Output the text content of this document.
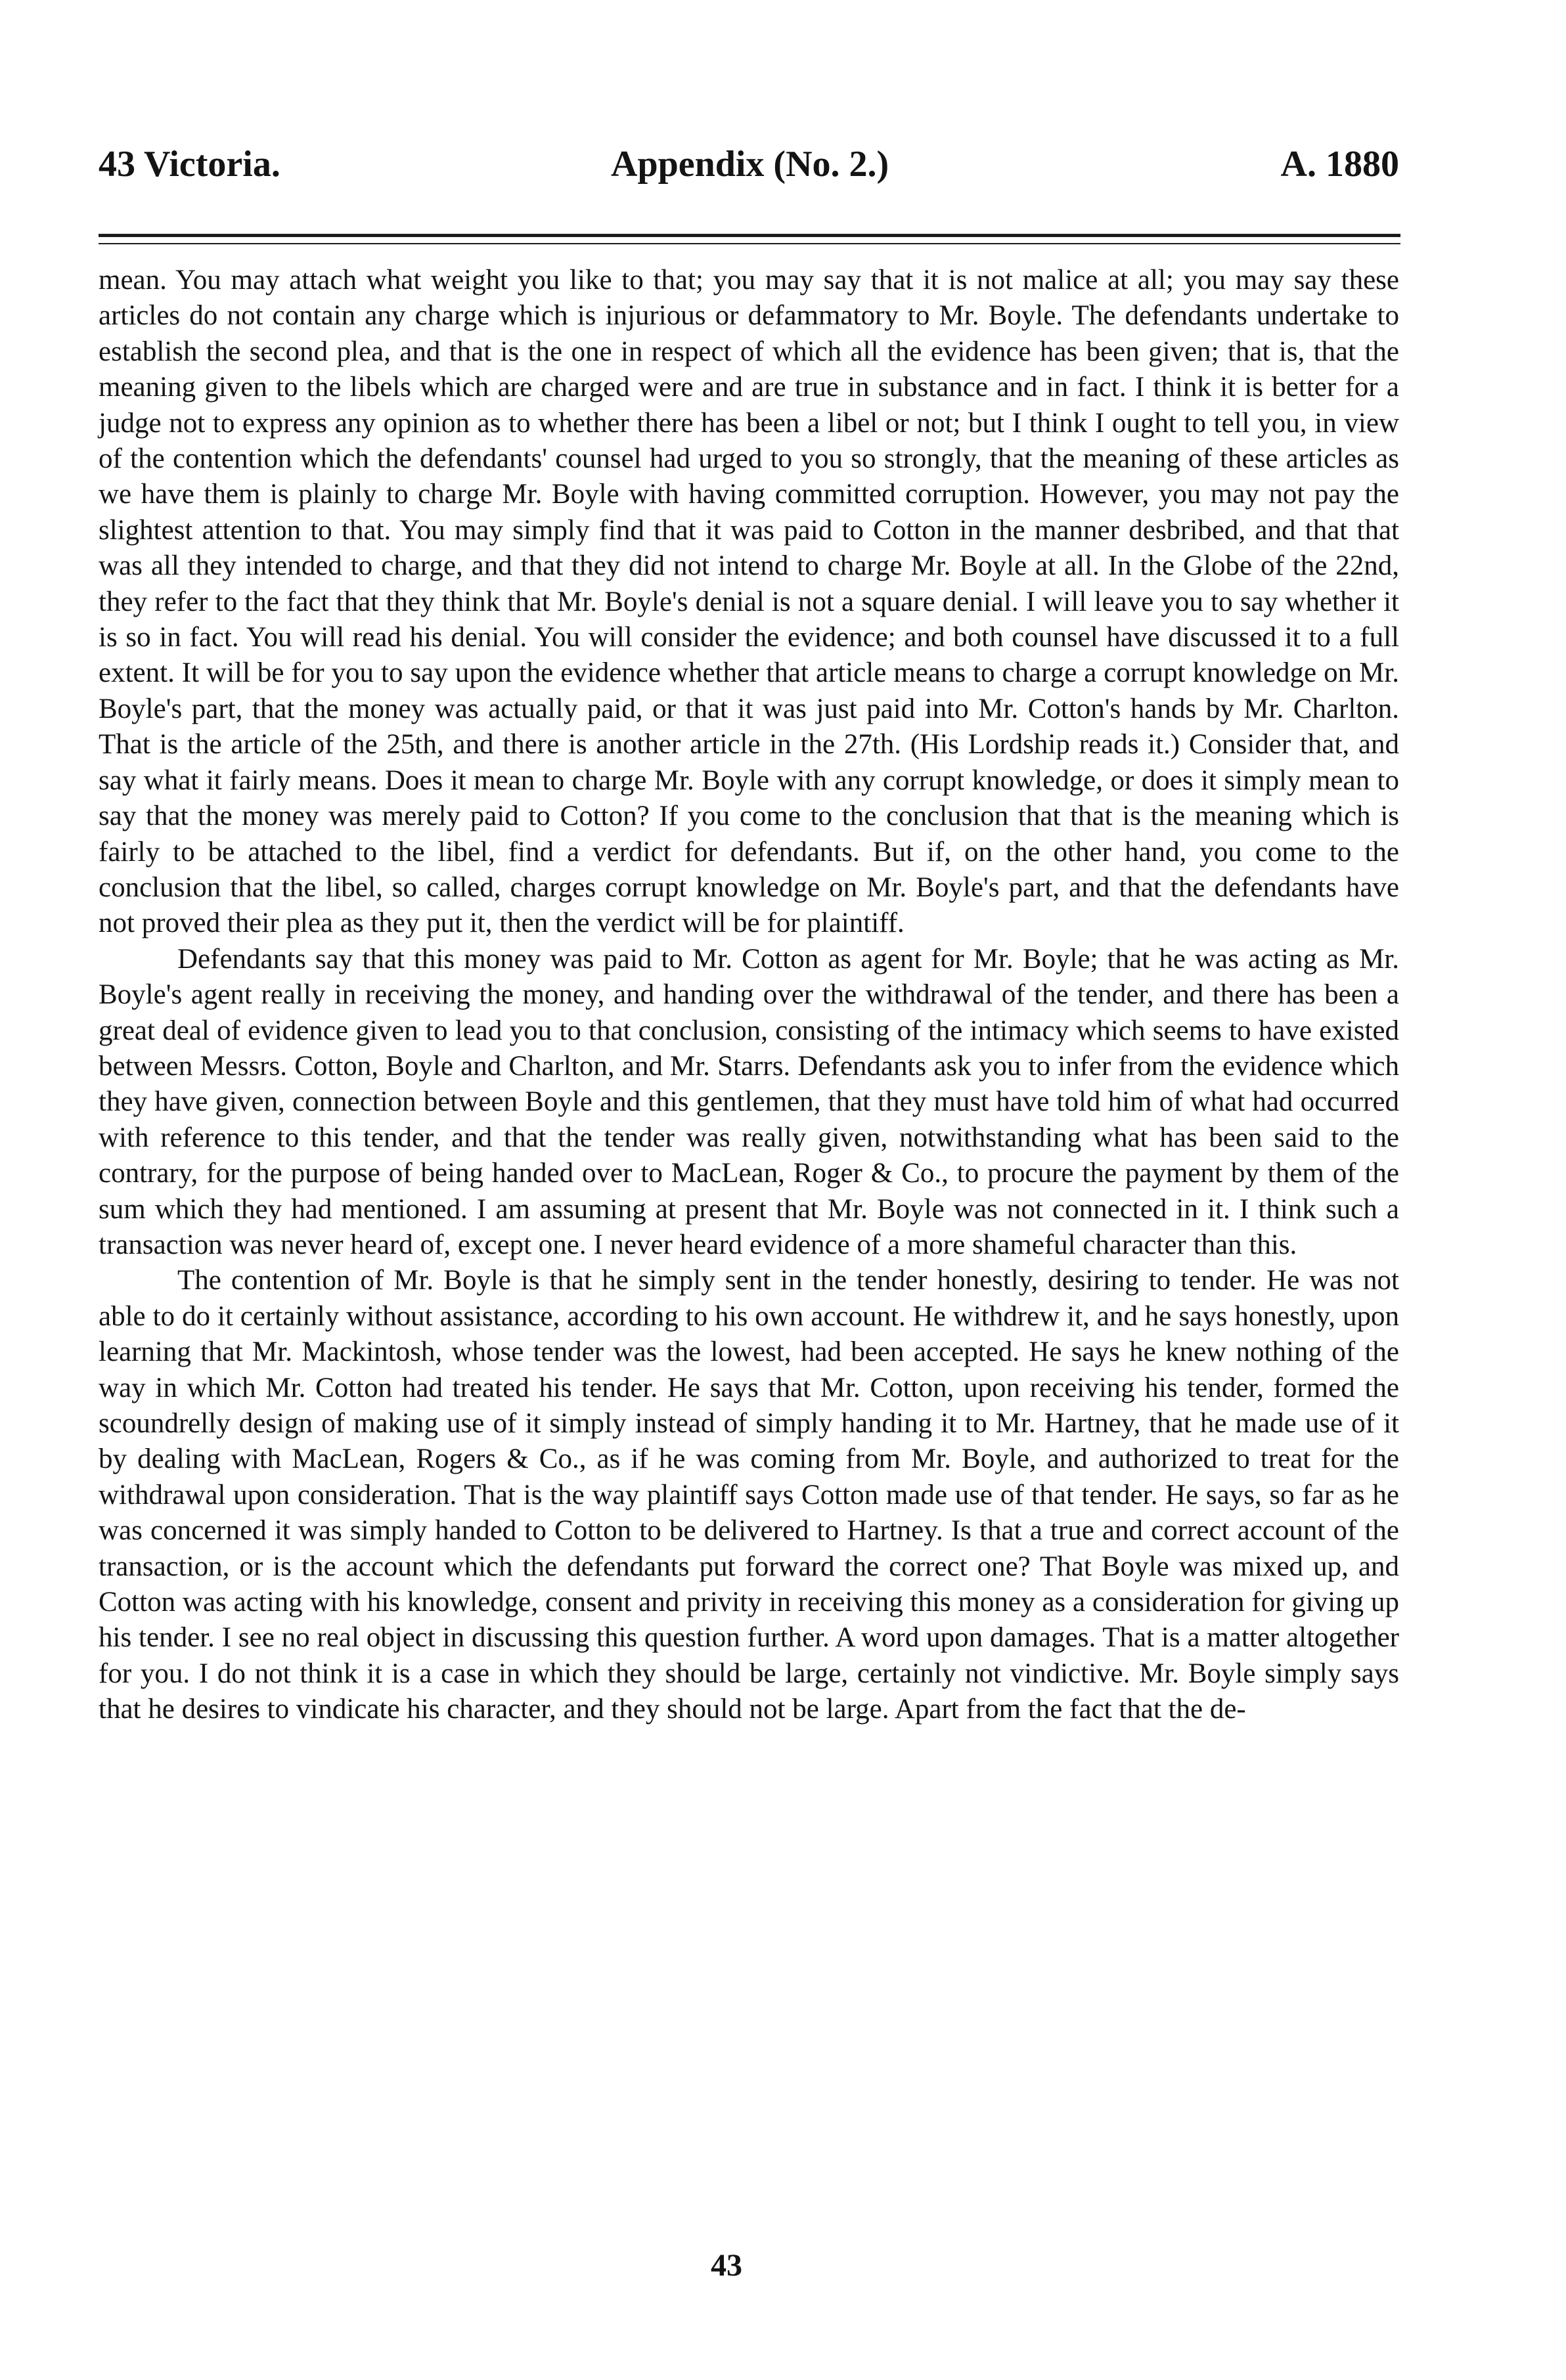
43 Victoria.	Appendix (No. 2.)	A. 1880

mean. You may attach what weight you like to that; you may say that it is not malice at all; you may say these articles do not contain any charge which is injurious or defammatory to Mr. Boyle. The defendants undertake to establish the second plea, and that is the one in respect of which all the evidence has been given; that is, that the meaning given to the libels which are charged were and are true in substance and in fact. I think it is better for a judge not to express any opinion as to whether there has been a libel or not; but I think I ought to tell you, in view of the contention which the defendants' counsel had urged to you so strongly, that the meaning of these articles as we have them is plainly to charge Mr. Boyle with having committed corruption. However, you may not pay the slightest attention to that. You may simply find that it was paid to Cotton in the manner desbribed, and that that was all they intended to charge, and that they did not intend to charge Mr. Boyle at all. In the Globe of the 22nd, they refer to the fact that they think that Mr. Boyle's denial is not a square denial. I will leave you to say whether it is so in fact. You will read his denial. You will consider the evidence; and both counsel have discussed it to a full extent. It will be for you to say upon the evidence whether that article means to charge a corrupt knowledge on Mr. Boyle's part, that the money was actually paid, or that it was just paid into Mr. Cotton's hands by Mr. Charlton. That is the article of the 25th, and there is another article in the 27th. (His Lordship reads it.) Consider that, and say what it fairly means. Does it mean to charge Mr. Boyle with any corrupt knowledge, or does it simply mean to say that the money was merely paid to Cotton? If you come to the conclusion that that is the meaning which is fairly to be attached to the libel, find a verdict for defendants. But if, on the other hand, you come to the conclusion that the libel, so called, charges corrupt knowledge on Mr. Boyle's part, and that the defendants have not proved their plea as they put it, then the verdict will be for plaintiff.

Defendants say that this money was paid to Mr. Cotton as agent for Mr. Boyle; that he was acting as Mr. Boyle's agent really in receiving the money, and handing over the withdrawal of the tender, and there has been a great deal of evidence given to lead you to that conclusion, consisting of the intimacy which seems to have existed between Messrs. Cotton, Boyle and Charlton, and Mr. Starrs. Defendants ask you to infer from the evidence which they have given, connection between Boyle and this gentlemen, that they must have told him of what had occurred with reference to this tender, and that the tender was really given, notwithstanding what has been said to the contrary, for the purpose of being handed over to MacLean, Roger & Co., to procure the payment by them of the sum which they had mentioned. I am assuming at present that Mr. Boyle was not connected in it. I think such a transaction was never heard of, except one. I never heard evidence of a more shameful character than this.

The contention of Mr. Boyle is that he simply sent in the tender honestly, desiring to tender. He was not able to do it certainly without assistance, according to his own account. He withdrew it, and he says honestly, upon learning that Mr. Mackintosh, whose tender was the lowest, had been accepted. He says he knew nothing of the way in which Mr. Cotton had treated his tender. He says that Mr. Cotton, upon receiving his tender, formed the scoundrelly design of making use of it simply instead of simply handing it to Mr. Hartney, that he made use of it by dealing with MacLean, Rogers & Co., as if he was coming from Mr. Boyle, and authorized to treat for the withdrawal upon consideration. That is the way plaintiff says Cotton made use of that tender. He says, so far as he was concerned it was simply handed to Cotton to be delivered to Hartney. Is that a true and correct account of the transaction, or is the account which the defendants put forward the correct one? That Boyle was mixed up, and Cotton was acting with his knowledge, consent and privity in receiving this money as a consideration for giving up his tender. I see no real object in discussing this question further. A word upon damages. That is a matter altogether for you. I do not think it is a case in which they should be large, certainly not vindictive. Mr. Boyle simply says that he desires to vindicate his character, and they should not be large. Apart from the fact that the de-

43
